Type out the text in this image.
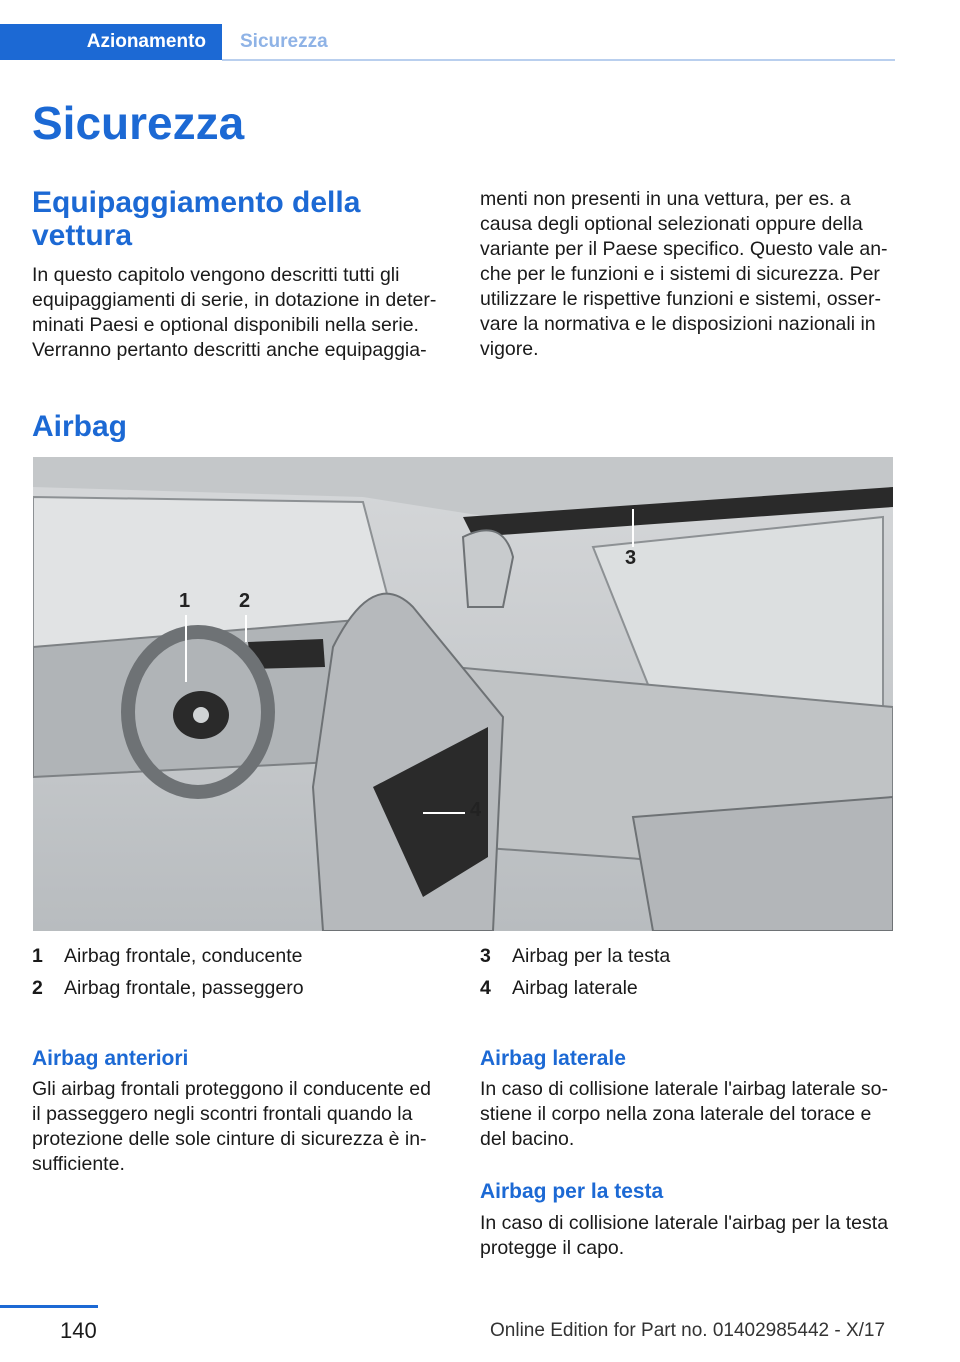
Azionamento	Sicurezza
Sicurezza
Equipaggiamento della vettura
In questo capitolo vengono descritti tutti gli
equipaggiamenti di serie, in dotazione in deter-
minati Paesi e optional disponibili nella serie.
Verranno pertanto descritti anche equipaggia-
menti non presenti in una vettura, per es. a
causa degli optional selezionati oppure della
variante per il Paese specifico. Questo vale an-
che per le funzioni e i sistemi di sicurezza. Per
utilizzare le rispettive funzioni e sistemi, osser-
vare la normativa e le disposizioni nazionali in
vigore.
Airbag
1 2
3
4
1	Airbag frontale, conducente
2	Airbag frontale, passeggero
3	Airbag per la testa
4	Airbag laterale
Airbag anteriori
Gli airbag frontali proteggono il conducente ed
il passeggero negli scontri frontali quando la
protezione delle sole cinture di sicurezza è in-
sufficiente.
Airbag laterale
In caso di collisione laterale l'airbag laterale so-
stiene il corpo nella zona laterale del torace e
del bacino.
Airbag per la testa
In caso di collisione laterale l'airbag per la testa
protegge il capo.
140	Online Edition for Part no. 01402985442 - X/17
